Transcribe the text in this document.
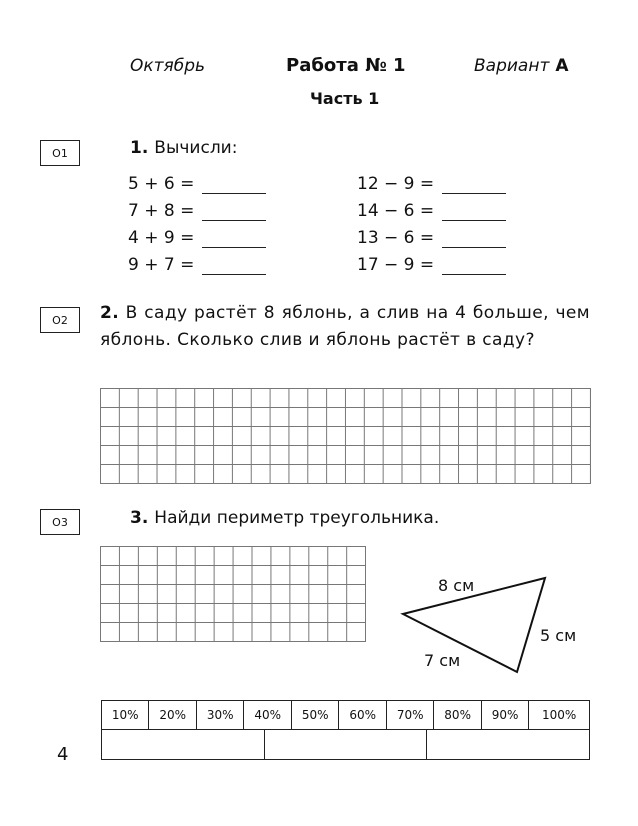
Октябрь	Работа № 1	Вариант А
Часть 1
О1	1. Вычисли:
5 + 6 =
7 + 8 =
4 + 9 =
9 + 7 =
12 − 9 =
14 − 6 =
13 − 6 =
17 − 9 =
О2	2. В саду растёт 8 яблонь, а слив на 4 больше, чем яблонь. Сколько слив и яблонь растёт в саду?
О3	3. Найди периметр треугольника.
8 см
5 см
7 см
10%	20%	30%	40%	50%	60%	70%	80%	90%	100%
4
